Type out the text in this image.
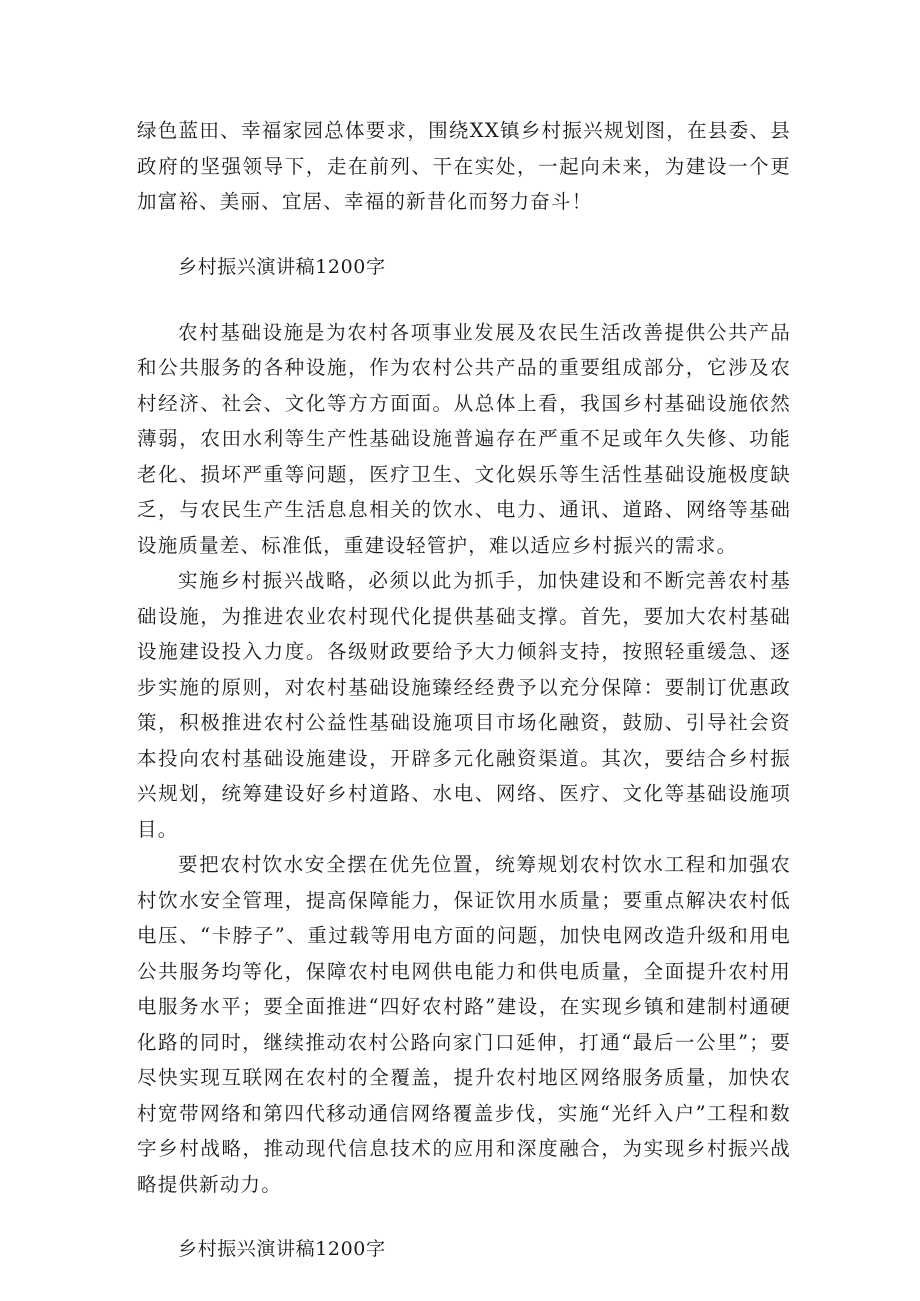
绿色蓝田、幸福家园总体要求，围绕XX镇乡村振兴规划图，在县委、县政府的坚强领导下，走在前列、干在实处，一起向未来，为建设一个更加富裕、美丽、宜居、幸福的新昔化而努力奋斗！

乡村振兴演讲稿1200字

农村基础设施是为农村各项事业发展及农民生活改善提供公共产品和公共服务的各种设施，作为农村公共产品的重要组成部分，它涉及农村经济、社会、文化等方方面面。从总体上看，我国乡村基础设施依然薄弱，农田水利等生产性基础设施普遍存在严重不足或年久失修、功能老化、损坏严重等问题，医疗卫生、文化娱乐等生活性基础设施极度缺乏，与农民生产生活息息相关的饮水、电力、通讯、道路、网络等基础设施质量差、标准低，重建设轻管护，难以适应乡村振兴的需求。

实施乡村振兴战略，必须以此为抓手，加快建设和不断完善农村基础设施，为推进农业农村现代化提供基础支撑。首先，要加大农村基础设施建设投入力度。各级财政要给予大力倾斜支持，按照轻重缓急、逐步实施的原则，对农村基础设施臻经经费予以充分保障：要制订优惠政策，积极推进农村公益性基础设施项目市场化融资，鼓励、引导社会资本投向农村基础设施建设，开辟多元化融资渠道。其次，要结合乡村振兴规划，统筹建设好乡村道路、水电、网络、医疗、文化等基础设施项目。

要把农村饮水安全摆在优先位置，统筹规划农村饮水工程和加强农村饮水安全管理，提高保障能力，保证饮用水质量；要重点解决农村低电压、“卡脖子”、重过载等用电方面的问题，加快电网改造升级和用电公共服务均等化，保障农村电网供电能力和供电质量，全面提升农村用电服务水平；要全面推进“四好农村路”建设，在实现乡镇和建制村通硬化路的同时，继续推动农村公路向家门口延伸，打通“最后一公里”；要尽快实现互联网在农村的全覆盖，提升农村地区网络服务质量，加快农村宽带网络和第四代移动通信网络覆盖步伐，实施“光纤入户”工程和数字乡村战略，推动现代信息技术的应用和深度融合，为实现乡村振兴战略提供新动力。

乡村振兴演讲稿1200字
